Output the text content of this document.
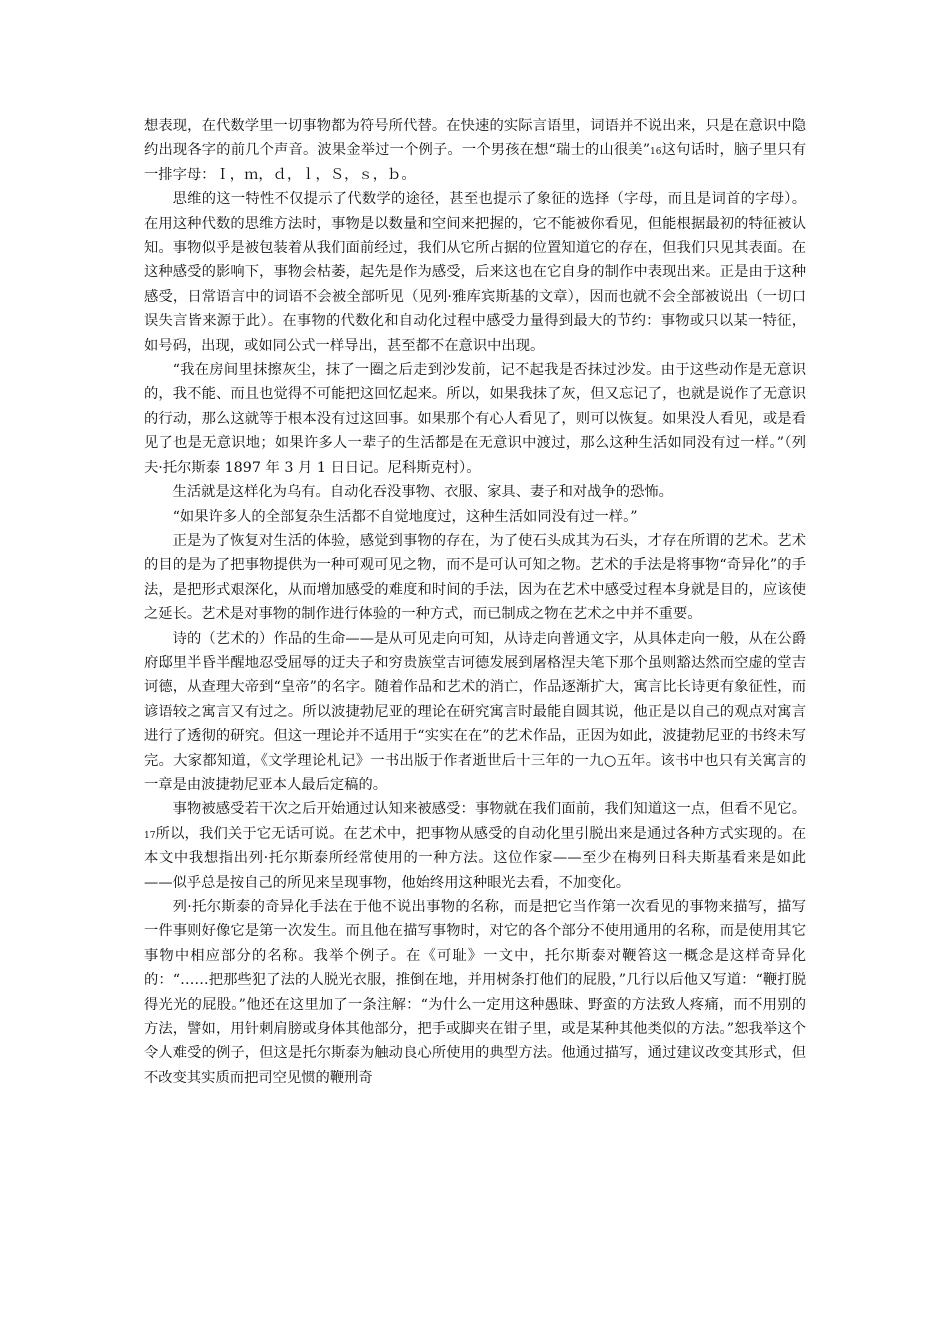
想表现，在代数学里一切事物都为符号所代替。在快速的实际言语里，词语并不说出来，只是在意识中隐约出现各字的前几个声音。波果金举过一个例子。一个男孩在想“瑞士的山很美”16这句话时，脑子里只有一排字母：Ｉ，ｍ，ｄ，ｌ，Ｓ，ｓ，ｂ。

思维的这一特性不仅提示了代数学的途径，甚至也提示了象征的选择（字母，而且是词首的字母）。在用这种代数的思维方法时，事物是以数量和空间来把握的，它不能被你看见，但能根据最初的特征被认知。事物似乎是被包装着从我们面前经过，我们从它所占据的位置知道它的存在，但我们只见其表面。在这种感受的影响下，事物会枯萎，起先是作为感受，后来这也在它自身的制作中表现出来。正是由于这种感受，日常语言中的词语不会被全部听见（见列·雅库宾斯基的文章），因而也就不会全部被说出（一切口误失言皆来源于此）。在事物的代数化和自动化过程中感受力量得到最大的节约：事物或只以某一特征，如号码，出现，或如同公式一样导出，甚至都不在意识中出现。

“我在房间里抹擦灰尘，抹了一圈之后走到沙发前，记不起我是否抹过沙发。由于这些动作是无意识的，我不能、而且也觉得不可能把这回忆起来。所以，如果我抹了灰，但又忘记了，也就是说作了无意识的行动，那么这就等于根本没有过这回事。如果那个有心人看见了，则可以恢复。如果没人看见，或是看见了也是无意识地；如果许多人一辈子的生活都是在无意识中渡过，那么这种生活如同没有过一样。”（列夫·托尔斯泰 1897 年 3 月 1 日日记。尼科斯克村）。

生活就是这样化为乌有。自动化吞没事物、衣服、家具、妻子和对战争的恐怖。

“如果许多人的全部复杂生活都不自觉地度过，这种生活如同没有过一样。”

正是为了恢复对生活的体验，感觉到事物的存在，为了使石头成其为石头，才存在所谓的艺术。艺术的目的是为了把事物提供为一种可观可见之物，而不是可认可知之物。艺术的手法是将事物“奇异化”的手法，是把形式艰深化，从而增加感受的难度和时间的手法，因为在艺术中感受过程本身就是目的，应该使之延长。艺术是对事物的制作进行体验的一种方式，而已制成之物在艺术之中并不重要。

诗的（艺术的）作品的生命——是从可见走向可知，从诗走向普通文字，从具体走向一般，从在公爵府邸里半昏半醒地忍受屈辱的迂夫子和穷贵族堂吉诃德发展到屠格涅夫笔下那个虽则豁达然而空虚的堂吉诃德，从查理大帝到“皇帝”的名字。随着作品和艺术的消亡，作品逐渐扩大，寓言比长诗更有象征性，而谚语较之寓言又有过之。所以波捷勃尼亚的理论在研究寓言时最能自圆其说，他正是以自己的观点对寓言进行了透彻的研究。但这一理论并不适用于“实实在在”的艺术作品，正因为如此，波捷勃尼亚的书终未写完。大家都知道，《文学理论札记》一书出版于作者逝世后十三年的一九○五年。该书中也只有关寓言的一章是由波捷勃尼亚本人最后定稿的。

事物被感受若干次之后开始通过认知来被感受：事物就在我们面前，我们知道这一点，但看不见它。17所以，我们关于它无话可说。在艺术中，把事物从感受的自动化里引脱出来是通过各种方式实现的。在本文中我想指出列·托尔斯泰所经常使用的一种方法。这位作家——至少在梅列日科夫斯基看来是如此——似乎总是按自己的所见来呈现事物，他始终用这种眼光去看，不加变化。

列·托尔斯泰的奇异化手法在于他不说出事物的名称，而是把它当作第一次看见的事物来描写，描写一件事则好像它是第一次发生。而且他在描写事物时，对它的各个部分不使用通用的名称，而是使用其它事物中相应部分的名称。我举个例子。在《可耻》一文中，托尔斯泰对鞭笞这一概念是这样奇异化的：“……把那些犯了法的人脱光衣服，推倒在地，并用树条打他们的屁股，”几行以后他又写道：“鞭打脱得光光的屁股。”他还在这里加了一条注解：“为什么一定用这种愚昧、野蛮的方法致人疼痛，而不用别的方法，譬如，用针刺肩膀或身体其他部分，把手或脚夹在钳子里，或是某种其他类似的方法。”恕我举这个令人难受的例子，但这是托尔斯泰为触动良心所使用的典型方法。他通过描写，通过建议改变其形式，但不改变其实质而把司空见惯的鞭刑奇
